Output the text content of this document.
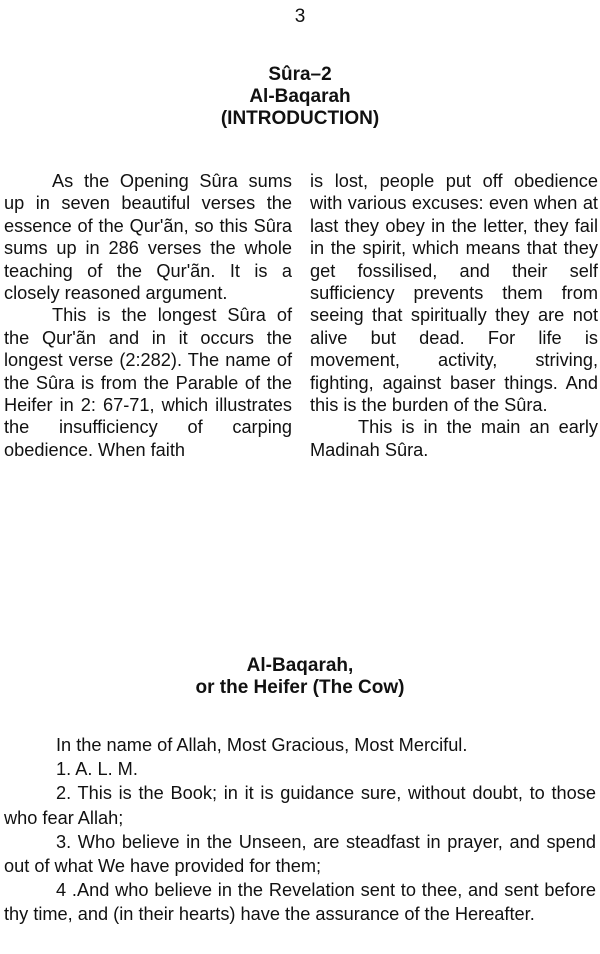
3
Sûra–2
Al-Baqarah
(INTRODUCTION)

As the Opening Sûra sums up in seven beautiful verses the essence of the Qur'ãn, so this Sûra sums up in 286 verses the whole teaching of the Qur'ãn. It is a closely reasoned argument.

This is the longest Sûra of the Qur'ãn and in it occurs the longest verse (2:282). The name of the Sûra is from the Parable of the Heifer in 2: 67-71, which illustrates the insufficiency of carping obedience. When faith

is lost, people put off obedience with various excuses: even when at last they obey in the letter, they fail in the spirit, which means that they get fossilised, and their self sufficiency prevents them from seeing that spiritually they are not alive but dead. For life is movement, activity, striving, fighting, against baser things. And this is the burden of the Sûra.

This is in the main an early Madinah Sûra.

Al-Baqarah,
or the Heifer (The Cow)

In the name of Allah, Most Gracious, Most Merciful.

1. A. L. M.

2. This is the Book; in it is guidance sure, without doubt, to those who fear Allah;

3. Who believe in the Unseen, are steadfast in prayer, and spend out of what We have provided for them;

4 .And who believe in the Revelation sent to thee, and sent before thy time, and (in their hearts) have the assurance of the Hereafter.
